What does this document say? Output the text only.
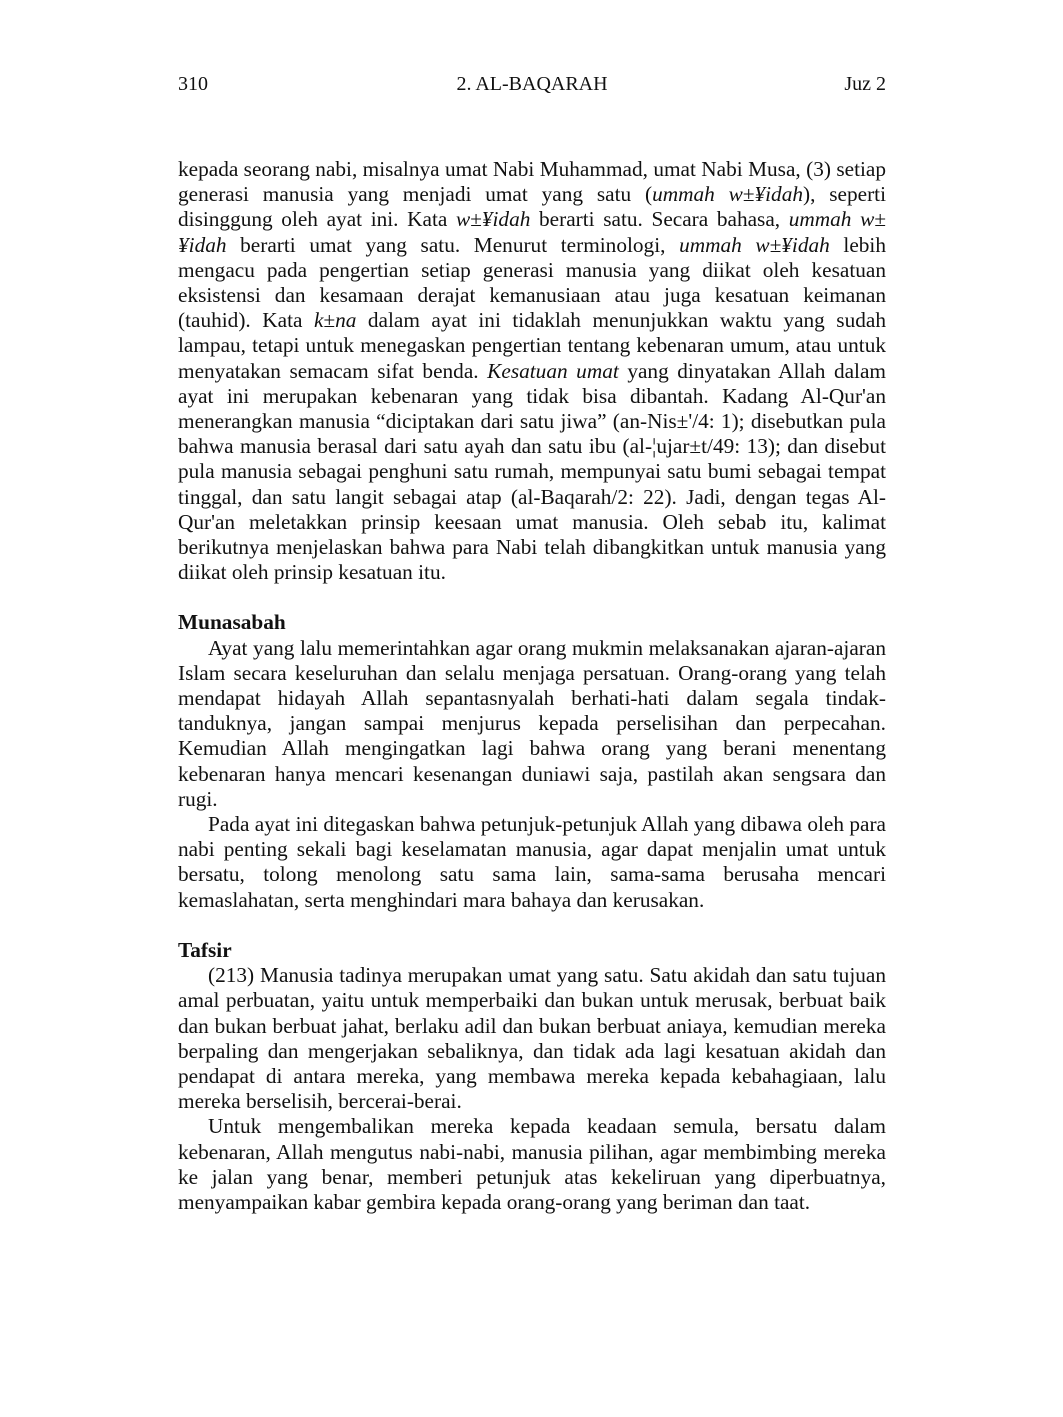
310	2. AL-BAQARAH	Juz 2

kepada seorang nabi, misalnya umat Nabi Muhammad, umat Nabi Musa, (3) setiap generasi manusia yang menjadi umat yang satu (ummah w±¥idah), seperti disinggung oleh ayat ini. Kata w±¥idah berarti satu. Secara bahasa, ummah w±¥idah berarti umat yang satu. Menurut terminologi, ummah w±¥idah lebih mengacu pada pengertian setiap generasi manusia yang diikat oleh kesatuan eksistensi dan kesamaan derajat kemanusiaan atau juga kesatuan keimanan (tauhid). Kata k±na dalam ayat ini tidaklah menunjukkan waktu yang sudah lampau, tetapi untuk menegaskan pengertian tentang kebenaran umum, atau untuk menyatakan semacam sifat benda. Kesatuan umat yang dinyatakan Allah dalam ayat ini merupakan kebenaran yang tidak bisa dibantah. Kadang Al-Qur'an menerangkan manusia “diciptakan dari satu jiwa” (an-Nis±'/4: 1); disebutkan pula bahwa manusia berasal dari satu ayah dan satu ibu (al-¦ujar±t/49: 13); dan disebut pula manusia sebagai penghuni satu rumah, mempunyai satu bumi sebagai tempat tinggal, dan satu langit sebagai atap (al-Baqarah/2: 22). Jadi, dengan tegas Al-Qur'an meletakkan prinsip keesaan umat manusia. Oleh sebab itu, kalimat berikutnya menjelaskan bahwa para Nabi telah dibangkitkan untuk manusia yang diikat oleh prinsip kesatuan itu.

Munasabah

Ayat yang lalu memerintahkan agar orang mukmin melaksanakan ajaran-ajaran Islam secara keseluruhan dan selalu menjaga persatuan. Orang-orang yang telah mendapat hidayah Allah sepantasnyalah berhati-hati dalam segala tindak-tanduknya, jangan sampai menjurus kepada perselisihan dan perpecahan. Kemudian Allah mengingatkan lagi bahwa orang yang berani menentang kebenaran hanya mencari kesenangan duniawi saja, pastilah akan sengsara dan rugi.

Pada ayat ini ditegaskan bahwa petunjuk-petunjuk Allah yang dibawa oleh para nabi penting sekali bagi keselamatan manusia, agar dapat menjalin umat untuk bersatu, tolong menolong satu sama lain, sama-sama berusaha mencari kemaslahatan, serta menghindari mara bahaya dan kerusakan.

Tafsir

(213) Manusia tadinya merupakan umat yang satu. Satu akidah dan satu tujuan amal perbuatan, yaitu untuk memperbaiki dan bukan untuk merusak, berbuat baik dan bukan berbuat jahat, berlaku adil dan bukan berbuat aniaya, kemudian mereka berpaling dan mengerjakan sebaliknya, dan tidak ada lagi kesatuan akidah dan pendapat di antara mereka, yang membawa mereka kepada kebahagiaan, lalu mereka berselisih, bercerai-berai.

Untuk mengembalikan mereka kepada keadaan semula, bersatu dalam kebenaran, Allah mengutus nabi-nabi, manusia pilihan, agar membimbing mereka ke jalan yang benar, memberi petunjuk atas kekeliruan yang diperbuatnya, menyampaikan kabar gembira kepada orang-orang yang beriman dan taat.
